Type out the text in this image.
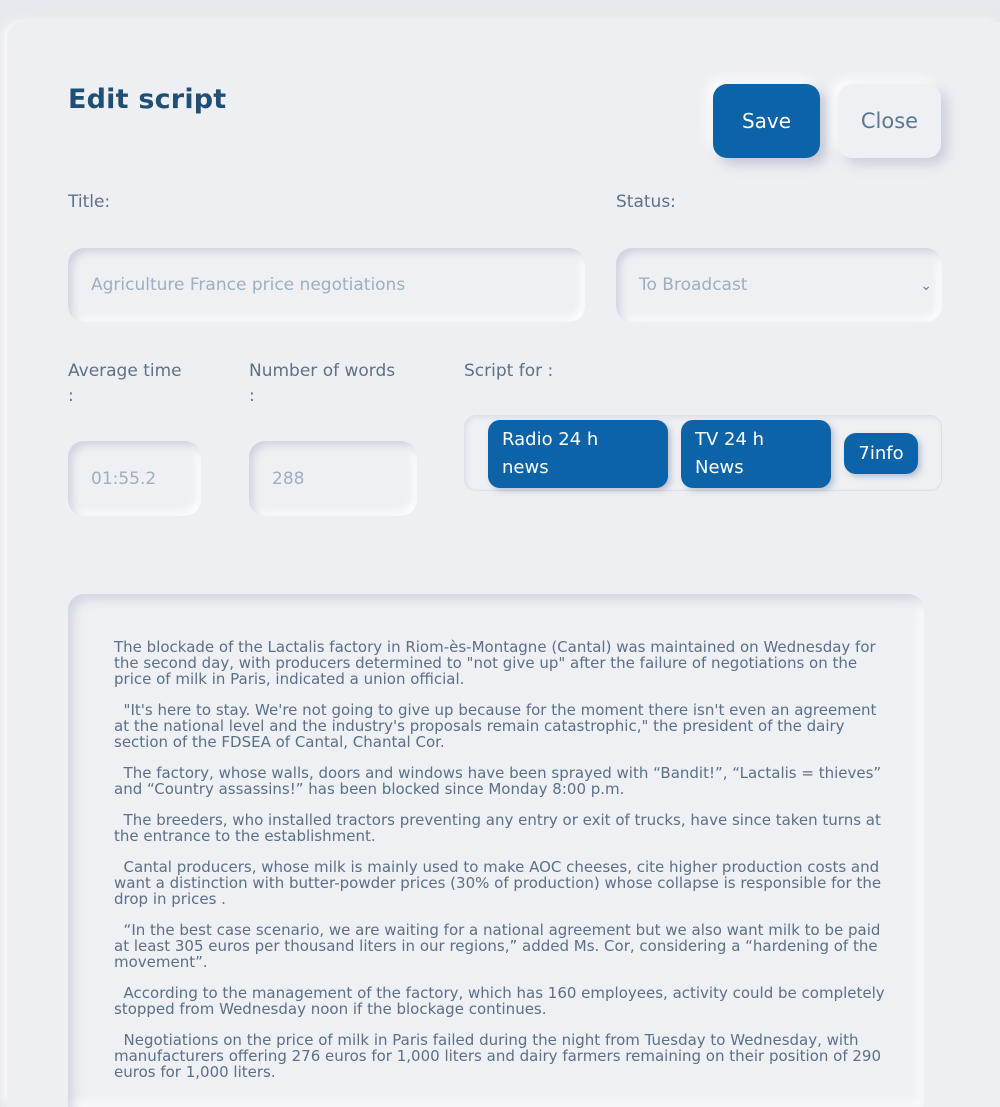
Edit script
Save	Close
Title:
Agriculture France price negotiations
Status:
To Broadcast	⌄
Average time
:
01:55.2
Number of words
:
288
Script for :
Radio 24 h
news
TV 24 h
News
7info

The blockade of the Lactalis factory in Riom-ès-Montagne (Cantal) was maintained on Wednesday for the second day, with producers determined to "not give up" after the failure of negotiations on the price of milk in Paris, indicated a union official.

"It's here to stay. We're not going to give up because for the moment there isn't even an agreement at the national level and the industry's proposals remain catastrophic," the president of the dairy section of the FDSEA of Cantal, Chantal Cor.

The factory, whose walls, doors and windows have been sprayed with “Bandit!”, “Lactalis = thieves” and “Country assassins!” has been blocked since Monday 8:00 p.m.

The breeders, who installed tractors preventing any entry or exit of trucks, have since taken turns at the entrance to the establishment.

Cantal producers, whose milk is mainly used to make AOC cheeses, cite higher production costs and want a distinction with butter-powder prices (30% of production) whose collapse is responsible for the drop in prices .

“In the best case scenario, we are waiting for a national agreement but we also want milk to be paid at least 305 euros per thousand liters in our regions,” added Ms. Cor, considering a “hardening of the movement”.

According to the management of the factory, which has 160 employees, activity could be completely stopped from Wednesday noon if the blockage continues.

Negotiations on the price of milk in Paris failed during the night from Tuesday to Wednesday, with manufacturers offering 276 euros for 1,000 liters and dairy farmers remaining on their position of 290 euros for 1,000 liters.
